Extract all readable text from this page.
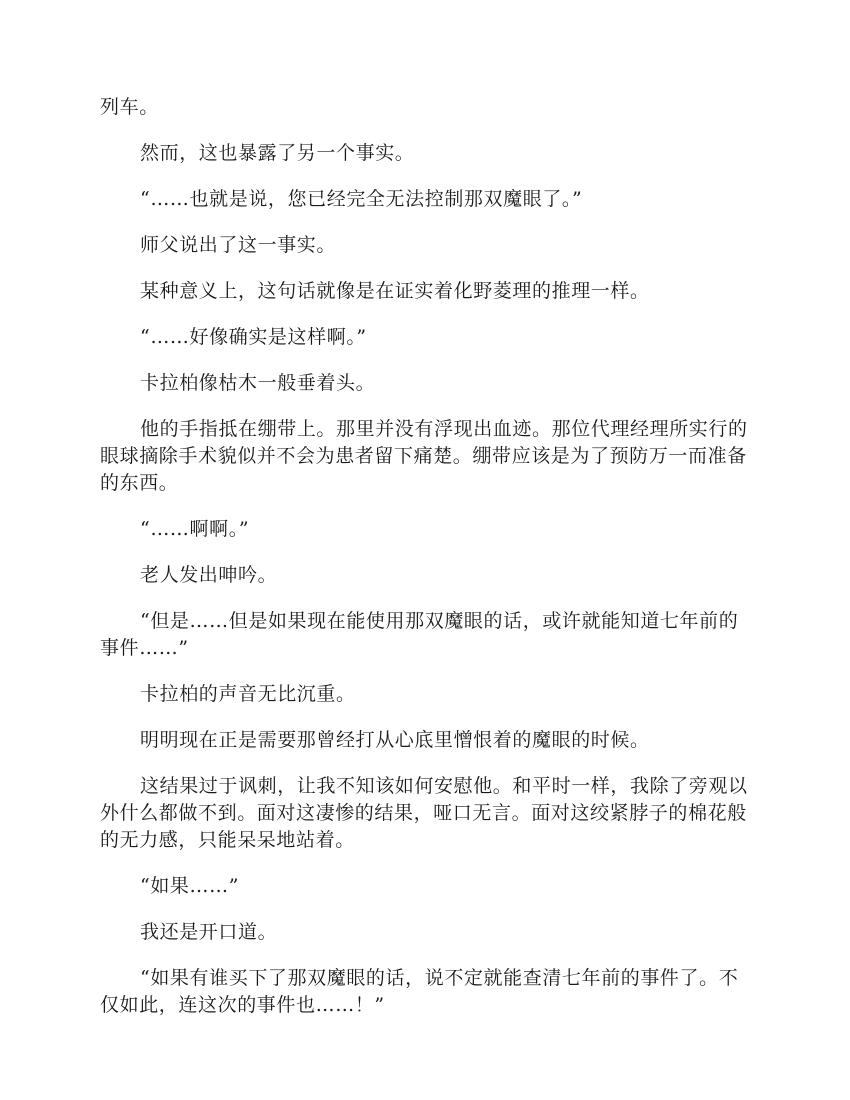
列车。

然而，这也暴露了另一个事实。

“……也就是说，您已经完全无法控制那双魔眼了。”

师父说出了这一事实。

某种意义上，这句话就像是在证实着化野菱理的推理一样。

“……好像确实是这样啊。”

卡拉柏像枯木一般垂着头。

他的手指抵在绷带上。那里并没有浮现出血迹。那位代理经理所实行的眼球摘除手术貌似并不会为患者留下痛楚。绷带应该是为了预防万一而准备的东西。

“……啊啊。”

老人发出呻吟。

“但是……但是如果现在能使用那双魔眼的话，或许就能知道七年前的事件……”

卡拉柏的声音无比沉重。

明明现在正是需要那曾经打从心底里憎恨着的魔眼的时候。

这结果过于讽刺，让我不知该如何安慰他。和平时一样，我除了旁观以外什么都做不到。面对这凄惨的结果，哑口无言。面对这绞紧脖子的棉花般的无力感，只能呆呆地站着。

“如果……”

我还是开口道。

“如果有谁买下了那双魔眼的话，说不定就能查清七年前的事件了。不仅如此，连这次的事件也……！”
